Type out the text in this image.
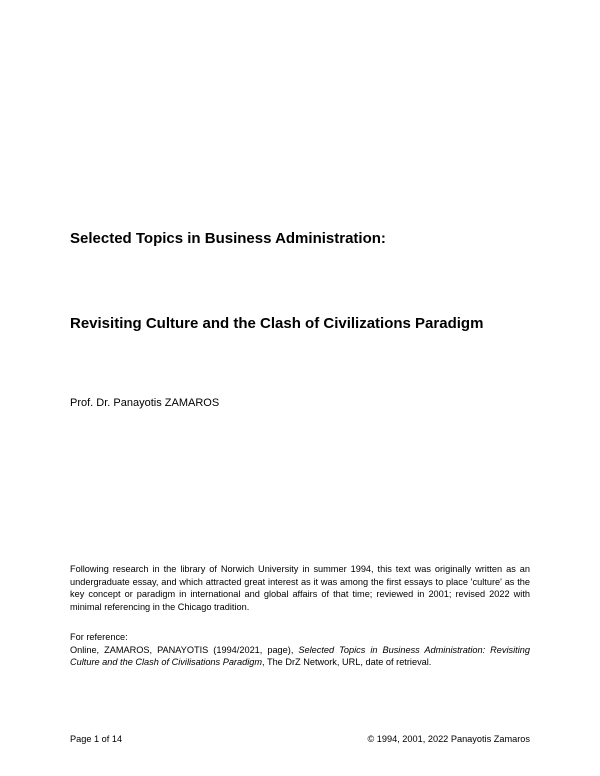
Selected Topics in Business Administration:
Revisiting Culture and the Clash of Civilizations Paradigm
Prof. Dr. Panayotis ZAMAROS
Following research in the library of Norwich University in summer 1994, this text was originally written as an undergraduate essay, and which attracted great interest as it was among the first essays to place 'culture' as the key concept or paradigm in international and global affairs of that time; reviewed in 2001; revised 2022 with minimal referencing in the Chicago tradition.
For reference:
Online, ZAMAROS, PANAYOTIS (1994/2021, page), Selected Topics in Business Administration: Revisiting Culture and the Clash of Civilisations Paradigm, The DrZ Network, URL, date of retrieval.
Page 1 of 14	© 1994, 2001, 2022 Panayotis Zamaros
